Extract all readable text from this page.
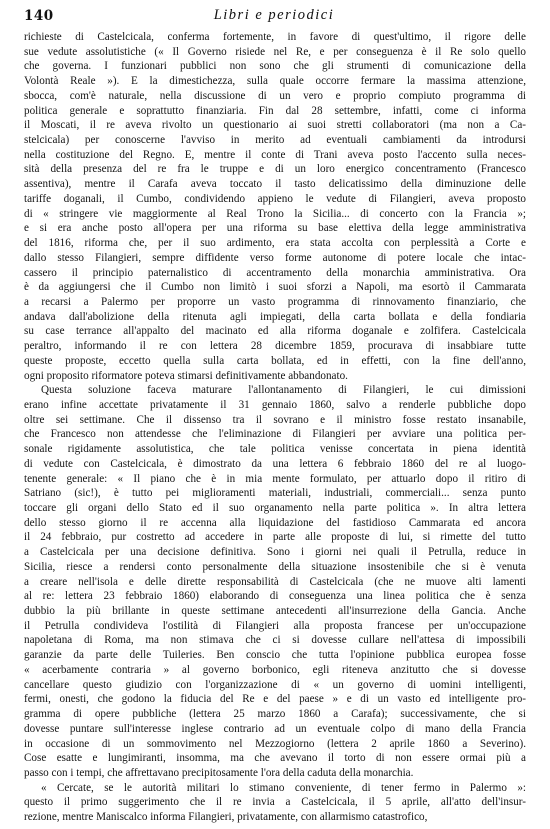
140	Libri e periodici
richieste di Castelcicala, conferma fortemente, in favore di quest'ultimo, il rigore delle
sue vedute assolutistiche (« Il Governo risiede nel Re, e per conseguenza è il Re solo quello
che governa. I funzionari pubblici non sono che gli strumenti di comunicazione della
Volontà Reale »). E la dimestichezza, sulla quale occorre fermare la massima attenzione,
sbocca, com'è naturale, nella discussione di un vero e proprio compiuto programma di
politica generale e soprattutto finanziaria. Fin dal 28 settembre, infatti, come ci informa
il Moscati, il re aveva rivolto un questionario ai suoi stretti collaboratori (ma non a Ca-
stelcicala) per conoscerne l'avviso in merito ad eventuali cambiamenti da introdursi
nella costituzione del Regno. E, mentre il conte di Trani aveva posto l'accento sulla neces-
sità della presenza del re fra le truppe e di un loro energico concentramento (Francesco
assentiva), mentre il Carafa aveva toccato il tasto delicatissimo della diminuzione delle
tariffe doganali, il Cumbo, condividendo appieno le vedute di Filangieri, aveva proposto
di « stringere vie maggiormente al Real Trono la Sicilia... di concerto con la Francia »;
e si era anche posto all'opera per una riforma su base elettiva della legge amministrativa
del 1816, riforma che, per il suo ardimento, era stata accolta con perplessità a Corte e
dallo stesso Filangieri, sempre diffidente verso forme autonome di potere locale che intac-
cassero il principio paternalistico di accentramento della monarchia amministrativa. Ora
è da aggiungersi che il Cumbo non limitò i suoi sforzi a Napoli, ma esortò il Cammarata
a recarsi a Palermo per proporre un vasto programma di rinnovamento finanziario, che
andava dall'abolizione della ritenuta agli impiegati, della carta bollata e della fondiaria
su case terrance all'appalto del macinato ed alla riforma doganale e zolfifera. Castelcicala
peraltro, informando il re con lettera 28 dicembre 1859, procurava di insabbiare tutte
queste proposte, eccetto quella sulla carta bollata, ed in effetti, con la fine dell'anno,
ogni proposito riformatore poteva stimarsi definitivamente abbandonato.
Questa soluzione faceva maturare l'allontanamento di Filangieri, le cui dimissioni
erano infine accettate privatamente il 31 gennaio 1860, salvo a renderle pubbliche dopo
oltre sei settimane. Che il dissenso tra il sovrano e il ministro fosse restato insanabile,
che Francesco non attendesse che l'eliminazione di Filangieri per avviare una politica per-
sonale rigidamente assolutistica, che tale politica venisse concertata in piena identità
di vedute con Castelcicala, è dimostrato da una lettera 6 febbraio 1860 del re al luogo-
tenente generale: « Il piano che è in mia mente formulato, per attuarlo dopo il ritiro di
Satriano (sic!), è tutto pei miglioramenti materiali, industriali, commerciali... senza punto
toccare gli organi dello Stato ed il suo organamento nella parte politica ». In altra lettera
dello stesso giorno il re accenna alla liquidazione del fastidioso Cammarata ed ancora
il 24 febbraio, pur costretto ad accedere in parte alle proposte di lui, si rimette del tutto
a Castelcicala per una decisione definitiva. Sono i giorni nei quali il Petrulla, reduce in
Sicilia, riesce a rendersi conto personalmente della situazione insostenibile che si è venuta
a creare nell'isola e delle dirette responsabilità di Castelcicala (che ne muove alti lamenti
al re: lettera 23 febbraio 1860) elaborando di conseguenza una linea politica che è senza
dubbio la più brillante in queste settimane antecedenti all'insurrezione della Gancia. Anche
il Petrulla condivideva l'ostilità di Filangieri alla proposta francese per un'occupazione
napoletana di Roma, ma non stimava che ci si dovesse cullare nell'attesa di impossibili
garanzie da parte delle Tuileries. Ben conscio che tutta l'opinione pubblica europea fosse
« acerbamente contraria » al governo borbonico, egli riteneva anzitutto che si dovesse
cancellare questo giudizio con l'organizzazione di « un governo di uomini intelligenti,
fermi, onesti, che godono la fiducia del Re e del paese » e di un vasto ed intelligente pro-
gramma di opere pubbliche (lettera 25 marzo 1860 a Carafa); successivamente, che si
dovesse puntare sull'interesse inglese contrario ad un eventuale colpo di mano della Francia
in occasione di un sommovimento nel Mezzogiorno (lettera 2 aprile 1860 a Severino).
Cose esatte e lungimiranti, insomma, ma che avevano il torto di non essere ormai più a
passo con i tempi, che affrettavano precipitosamente l'ora della caduta della monarchia.
« Cercate, se le autorità militari lo stimano conveniente, di tener fermo in Palermo »:
questo il primo suggerimento che il re invia a Castelcicala, il 5 aprile, all'atto dell'insur-
rezione, mentre Maniscalco informa Filangieri, privatamente, con allarmismo catastrofico,
